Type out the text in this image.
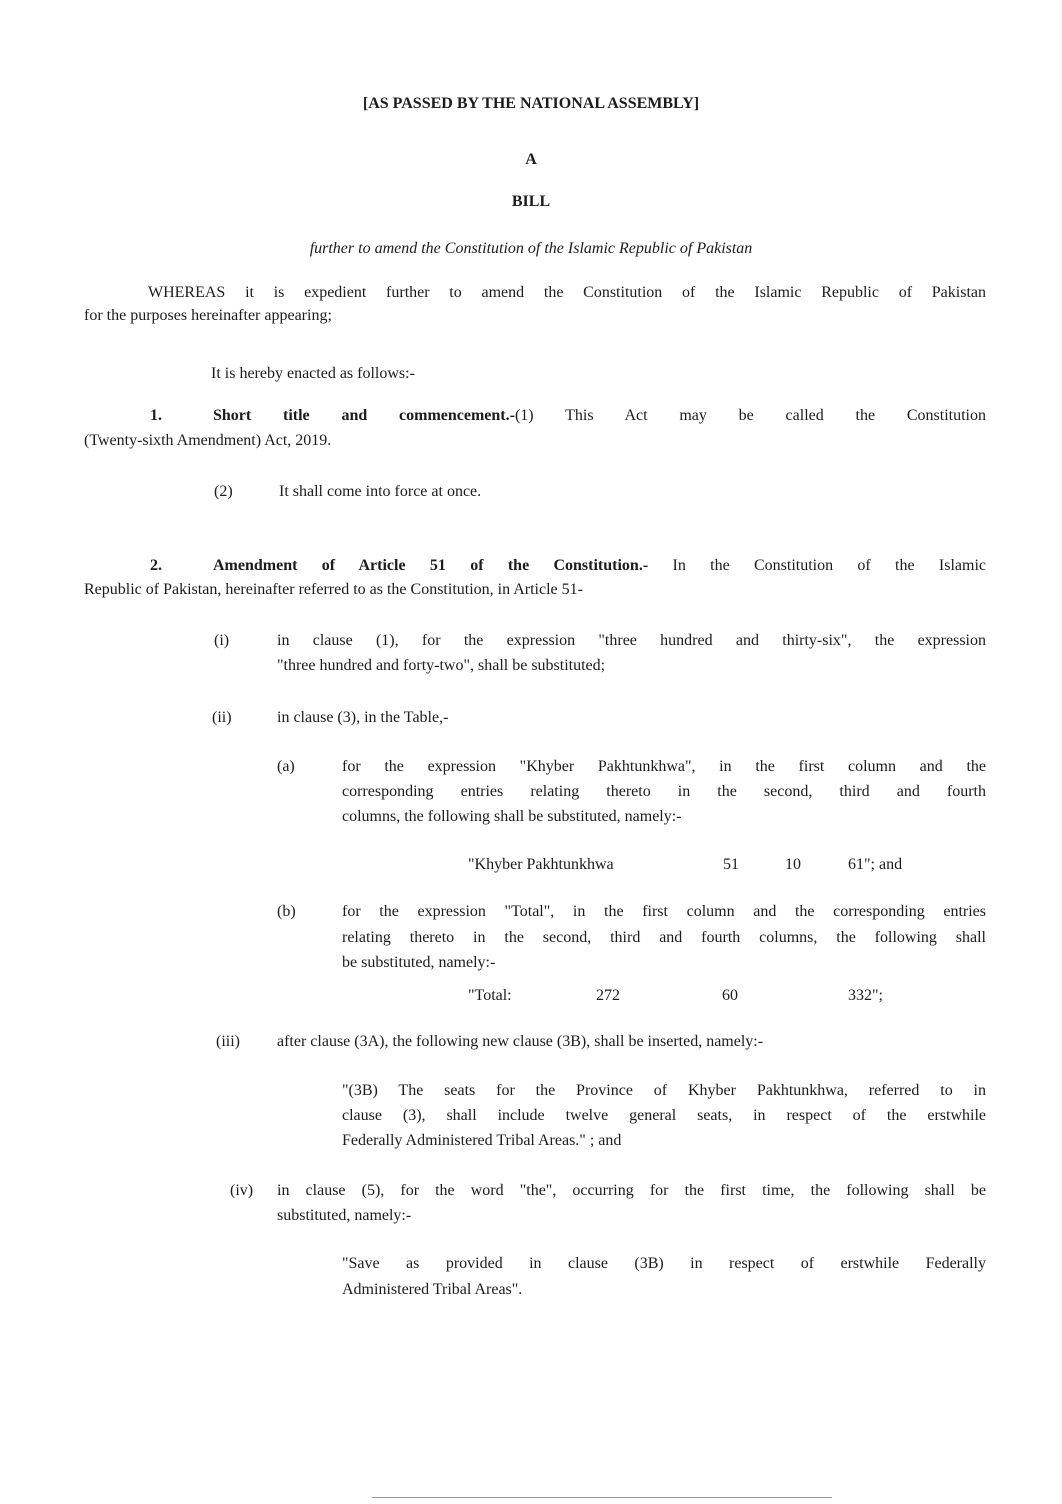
[AS PASSED BY THE NATIONAL ASSEMBLY]
A
BILL
further to amend the Constitution of the Islamic Republic of Pakistan
WHEREAS it is expedient further to amend the Constitution of the Islamic Republic of Pakistan
for the purposes hereinafter appearing;
It is hereby enacted as follows:-
1.	Short title and commencement.-(1) This Act may be called the Constitution
(Twenty-sixth Amendment) Act, 2019.
(2)	It shall come into force at once.
2.	Amendment of Article 51 of the Constitution.- In the Constitution of the Islamic
Republic of Pakistan, hereinafter referred to as the Constitution, in Article 51-
(i)	in clause (1), for the expression "three hundred and thirty-six", the expression
"three hundred and forty-two", shall be substituted;
(ii)	in clause (3), in the Table,-
(a)	for the expression "Khyber Pakhtunkhwa", in the first column and the
corresponding entries relating thereto in the second, third and fourth
columns, the following shall be substituted, namely:-
"Khyber Pakhtunkhwa	51	10	61"; and
(b)	for the expression "Total", in the first column and the corresponding entries
relating thereto in the second, third and fourth columns, the following shall
be substituted, namely:-
"Total:	272	60	332";
(iii) after clause (3A), the following new clause (3B), shall be inserted, namely:-
"(3B) The seats for the Province of Khyber Pakhtunkhwa, referred to in
clause (3), shall include twelve general seats, in respect of the erstwhile
Federally Administered Tribal Areas." ; and
(iv) in clause (5), for the word "the", occurring for the first time, the following shall be
substituted, namely:-
"Save as provided in clause (3B) in respect of erstwhile Federally
Administered Tribal Areas".
